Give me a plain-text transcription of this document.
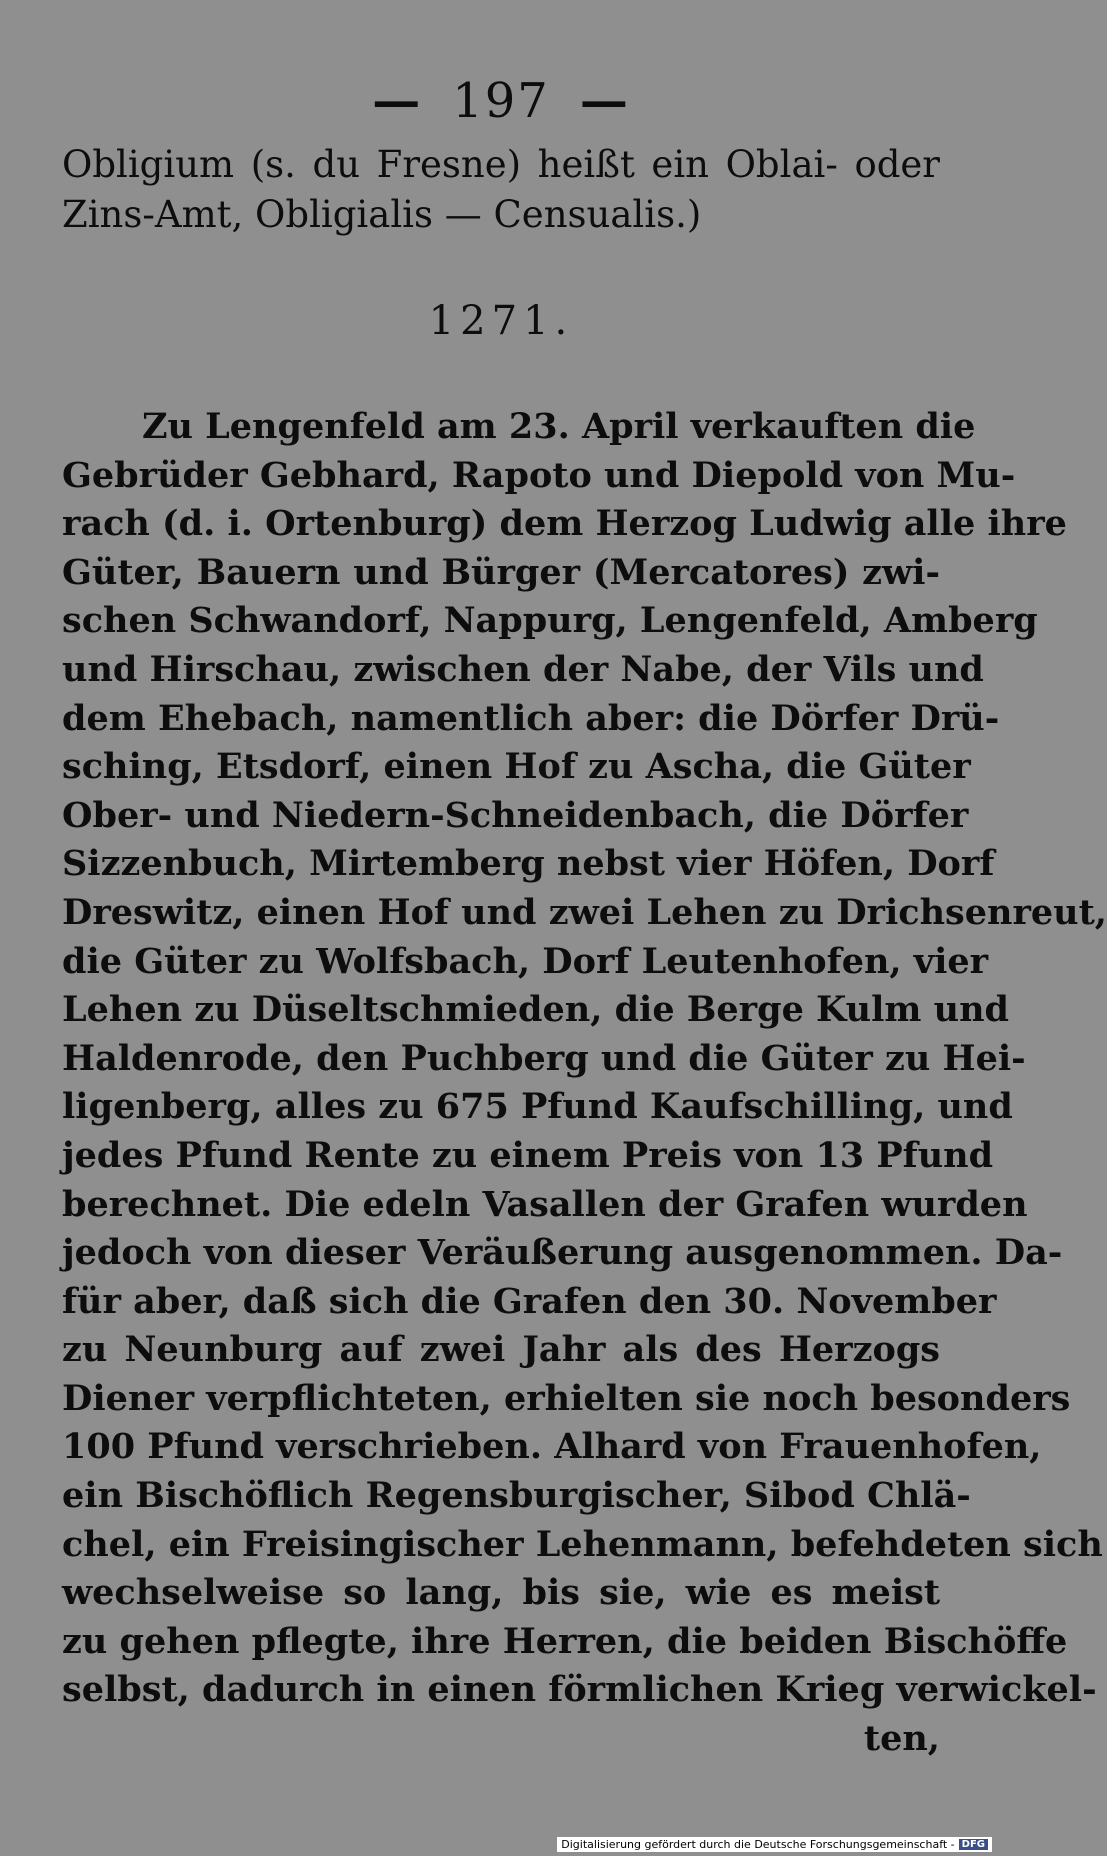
— 197 —
Obligium (s. du Fresne) heißt ein Oblai- oder
Zins-Amt, Obligialis — Censualis.)
1271.
Zu Lengenfeld am 23. April verkauften die
Gebrüder Gebhard, Rapoto und Diepold von Mu-
rach (d. i. Ortenburg) dem Herzog Ludwig alle ihre
Güter, Bauern und Bürger (Mercatores) zwi-
schen Schwandorf, Nappurg, Lengenfeld, Amberg
und Hirschau, zwischen der Nabe, der Vils und
dem Ehebach, namentlich aber: die Dörfer Drü-
sching, Etsdorf, einen Hof zu Ascha, die Güter
Ober- und Niedern-Schneidenbach, die Dörfer
Sizzenbuch, Mirtemberg nebst vier Höfen, Dorf
Dreswitz, einen Hof und zwei Lehen zu Drichsenreut,
die Güter zu Wolfsbach, Dorf Leutenhofen, vier
Lehen zu Düseltschmieden, die Berge Kulm und
Haldenrode, den Puchberg und die Güter zu Hei-
ligenberg, alles zu 675 Pfund Kaufschilling, und
jedes Pfund Rente zu einem Preis von 13 Pfund
berechnet. Die edeln Vasallen der Grafen wurden
jedoch von dieser Veräußerung ausgenommen. Da-
für aber, daß sich die Grafen den 30. November
zu Neunburg auf zwei Jahr als des Herzogs
Diener verpflichteten, erhielten sie noch besonders
100 Pfund verschrieben. Alhard von Frauenhofen,
ein Bischöflich Regensburgischer, Sibod Chlä-
chel, ein Freisingischer Lehenmann, befehdeten sich
wechselweise so lang, bis sie, wie es meist
zu gehen pflegte, ihre Herren, die beiden Bischöffe
selbst, dadurch in einen förmlichen Krieg verwickel-
ten,
Digitalisierung gefördert durch die Deutsche Forschungsgemeinschaft - DFG
